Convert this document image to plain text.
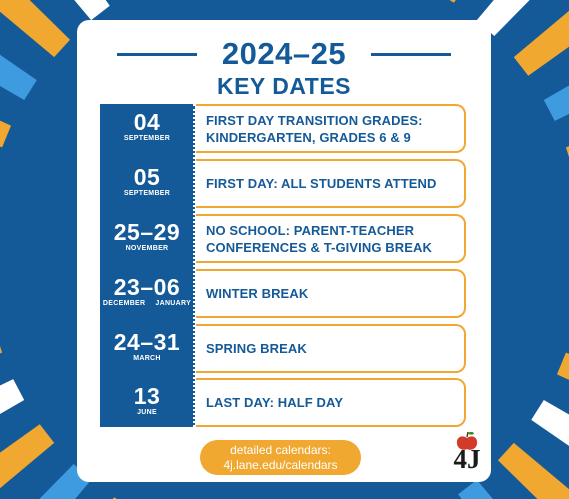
2024–25
KEY DATES
04
SEPTEMBER
FIRST DAY TRANSITION GRADES:
KINDERGARTEN, GRADES 6 & 9
05
SEPTEMBER
FIRST DAY: ALL STUDENTS ATTEND
25–29
NOVEMBER
NO SCHOOL: PARENT-TEACHER
CONFERENCES & T-GIVING BREAK
23–06
DECEMBER JANUARY
WINTER BREAK
24–31
MARCH
SPRING BREAK
13
JUNE
LAST DAY: HALF DAY
detailed calendars:
4j.lane.edu/calendars	4J
